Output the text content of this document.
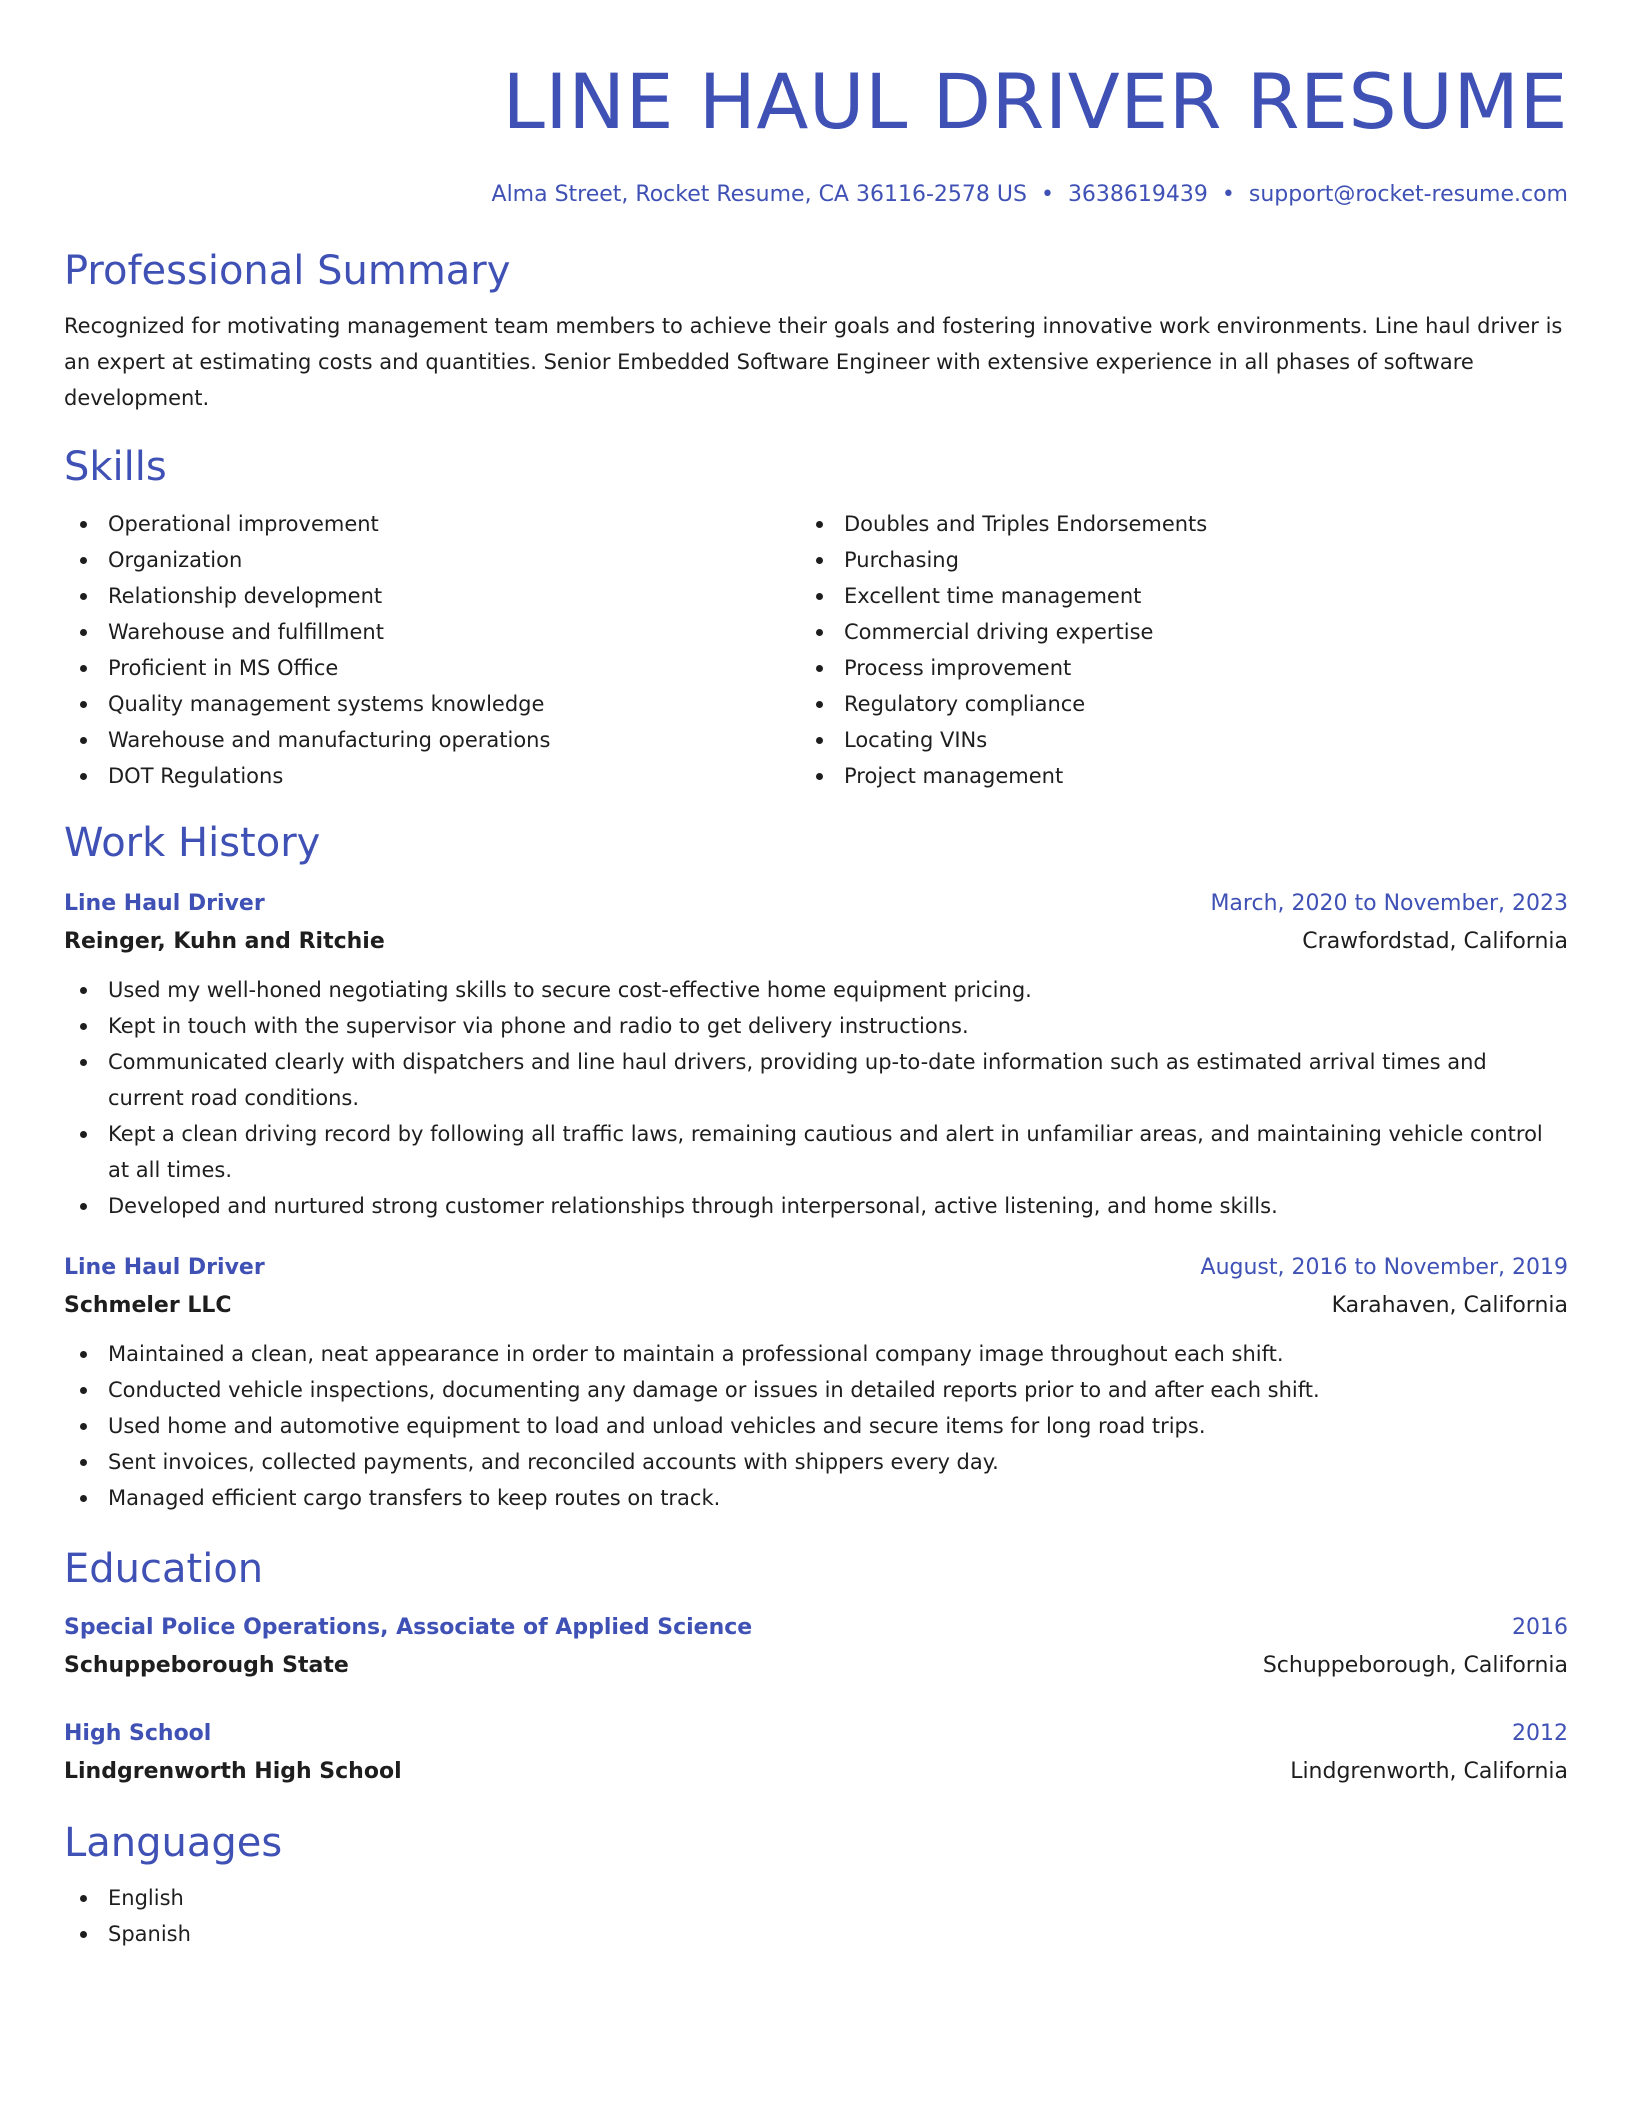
LINE HAUL DRIVER RESUME
Alma Street, Rocket Resume, CA 36116-2578 US • 3638619439 • support@rocket-resume.com
Professional Summary
Recognized for motivating management team members to achieve their goals and fostering innovative work environments. Line haul driver is an expert at estimating costs and quantities. Senior Embedded Software Engineer with extensive experience in all phases of software development.
Skills
Operational improvement
Organization
Relationship development
Warehouse and fulfillment
Proficient in MS Office
Quality management systems knowledge
Warehouse and manufacturing operations
DOT Regulations
Doubles and Triples Endorsements
Purchasing
Excellent time management
Commercial driving expertise
Process improvement
Regulatory compliance
Locating VINs
Project management
Work History
Line Haul Driver	March, 2020 to November, 2023
Reinger, Kuhn and Ritchie	Crawfordstad, California
Used my well-honed negotiating skills to secure cost-effective home equipment pricing.
Kept in touch with the supervisor via phone and radio to get delivery instructions.
Communicated clearly with dispatchers and line haul drivers, providing up-to-date information such as estimated arrival times and current road conditions.
Kept a clean driving record by following all traffic laws, remaining cautious and alert in unfamiliar areas, and maintaining vehicle control at all times.
Developed and nurtured strong customer relationships through interpersonal, active listening, and home skills.
Line Haul Driver	August, 2016 to November, 2019
Schmeler LLC	Karahaven, California
Maintained a clean, neat appearance in order to maintain a professional company image throughout each shift.
Conducted vehicle inspections, documenting any damage or issues in detailed reports prior to and after each shift.
Used home and automotive equipment to load and unload vehicles and secure items for long road trips.
Sent invoices, collected payments, and reconciled accounts with shippers every day.
Managed efficient cargo transfers to keep routes on track.
Education
Special Police Operations, Associate of Applied Science	2016
Schuppeborough State	Schuppeborough, California
High School	2012
Lindgrenworth High School	Lindgrenworth, California
Languages
English
Spanish
